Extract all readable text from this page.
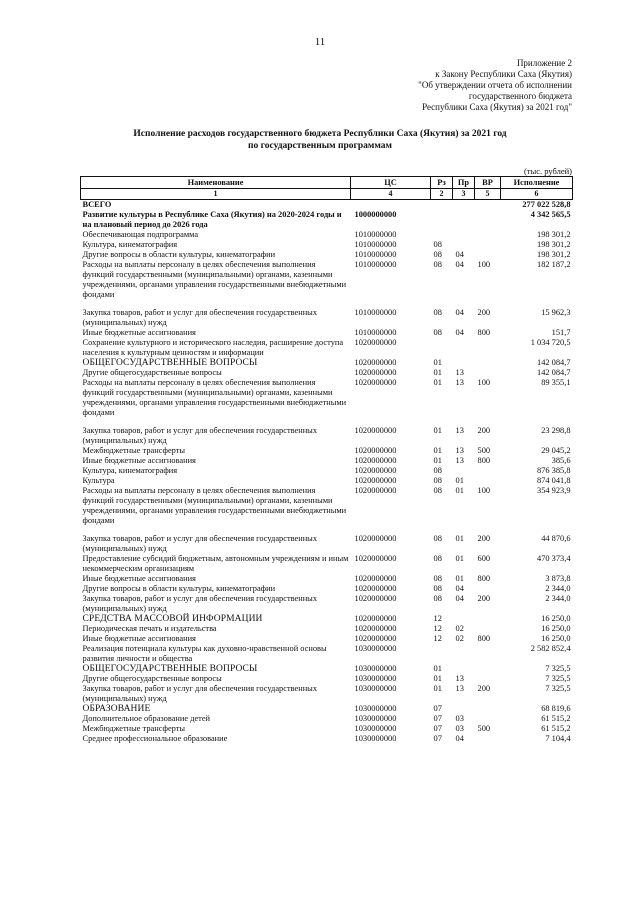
11
Приложение 2
к Закону Республики Саха (Якутия)
"Об утверждении отчета об исполнении
государственного бюджета
Республики Саха (Якутия) за 2021 год"
Исполнение расходов государственного бюджета Республики Саха (Якутия) за 2021 год
по государственным программам
(тыс. рублей)
Наименование	ЦС	Рз	Пр	ВР	Исполнение
1	4	2	3	5	6
ВСЕГО					277 022 528,8
Развитие культуры в Республике Саха (Якутия) на 2020-2024 годы и на плановый период до 2026 года	1000000000				4 342 565,5
Обеспечивающая подпрограмма	1010000000				198 301,2
Культура, кинематография	1010000000	08			198 301,2
Другие вопросы в области культуры, кинематографии	1010000000	08	04		198 301,2
Расходы на выплаты персоналу в целях обеспечения выполнения функций государственными (муниципальными) органами, казенными учреждениями, органами управления государственными внебюджетными фондами	1010000000	08	04	100	182 187,2

Закупка товаров, работ и услуг для обеспечения государственных (муниципальных) нужд	1010000000	08	04	200	15 962,3
Иные бюджетные ассигнования	1010000000	08	04	800	151,7
Сохранение культурного и исторического наследия, расширение доступа населения к культурным ценностям и информации	1020000000				1 034 720,5
ОБЩЕГОСУДАРСТВЕННЫЕ ВОПРОСЫ	1020000000	01			142 084,7
Другие общегосударственные вопросы	1020000000	01	13		142 084,7
Расходы на выплаты персоналу в целях обеспечения выполнения функций государственными (муниципальными) органами, казенными учреждениями, органами управления государственными внебюджетными фондами	1020000000	01	13	100	89 355,1

Закупка товаров, работ и услуг для обеспечения государственных (муниципальных) нужд	1020000000	01	13	200	23 298,8
Межбюджетные трансферты	1020000000	01	13	500	29 045,2
Иные бюджетные ассигнования	1020000000	01	13	800	385,6
Культура, кинематография	1020000000	08			876 385,8
Культура	1020000000	08	01		874 041,8
Расходы на выплаты персоналу в целях обеспечения выполнения функций государственными (муниципальными) органами, казенными учреждениями, органами управления государственными внебюджетными фондами	1020000000	08	01	100	354 923,9

Закупка товаров, работ и услуг для обеспечения государственных (муниципальных) нужд	1020000000	08	01	200	44 870,6
Предоставление субсидий бюджетным, автономным учреждениям и иным некоммерческим организациям	1020000000	08	01	600	470 373,4
Иные бюджетные ассигнования	1020000000	08	01	800	3 873,8
Другие вопросы в области культуры, кинематографии	1020000000	08	04		2 344,0
Закупка товаров, работ и услуг для обеспечения государственных (муниципальных) нужд	1020000000	08	04	200	2 344,0
СРЕДСТВА МАССОВОЙ ИНФОРМАЦИИ	1020000000	12			16 250,0
Периодическая печать и издательства	1020000000	12	02		16 250,0
Иные бюджетные ассигнования	1020000000	12	02	800	16 250,0
Реализация потенциала культуры как духовно-нравственной основы развития личности и общества	1030000000				2 582 852,4
ОБЩЕГОСУДАРСТВЕННЫЕ ВОПРОСЫ	1030000000	01			7 325,5
Другие общегосударственные вопросы	1030000000	01	13		7 325,5
Закупка товаров, работ и услуг для обеспечения государственных (муниципальных) нужд	1030000000	01	13	200	7 325,5
ОБРАЗОВАНИЕ	1030000000	07			68 819,6
Дополнительное образование детей	1030000000	07	03		61 515,2
Межбюджетные трансферты	1030000000	07	03	500	61 515,2
Среднее профессиональное образование	1030000000	07	04		7 104,4
